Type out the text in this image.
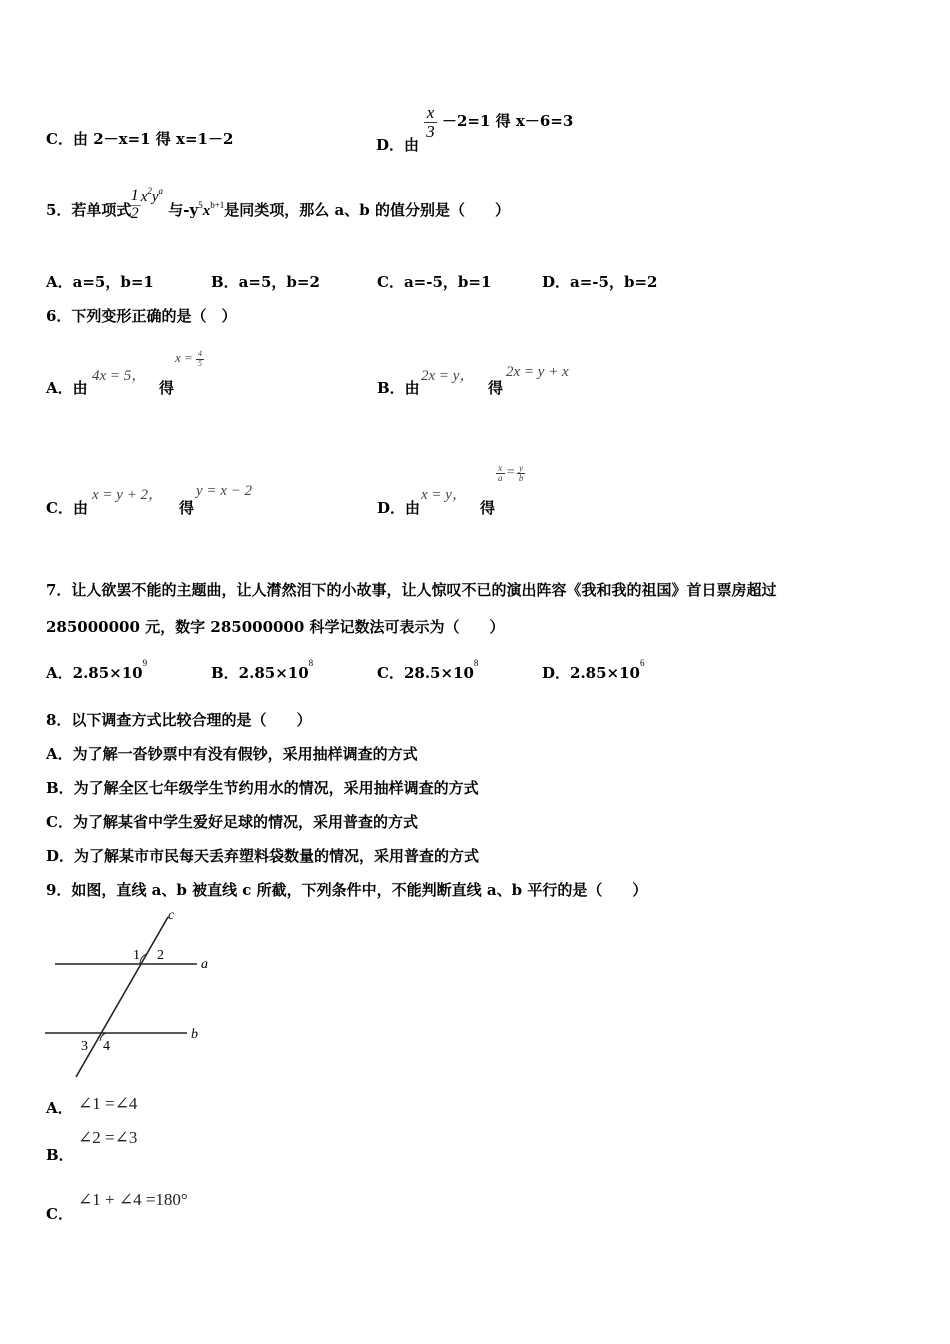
C．由 2－x=1 得 x=1－2	D．由
$\frac{x}{3} -2=1$ 得 x－6=3
5．若单项式
$\frac{1}{2} x^2y^a$ 与$-y^5x^{b+1}$是同类项，那么 a、b 的值分别是（　　）
A．a=5，b=1	B．a=5，b=2	C．a=-5，b=1	D．a=-5，b=2
6．下列变形正确的是（　）
A．由
4x = 5，
得
$x = \frac{4}{5}$
B．由
2x = y，
得
2x = y + x
C．由
x = y + 2，
得
y = x − 2
D．由
x = y，
得
$\frac{x}{a} = \frac{y}{b}$
7．让人欲罢不能的主题曲，让人潸然泪下的小故事，让人惊叹不已的演出阵容《我和我的祖国》首日票房超过
285000000 元，数字 285000000 科学记数法可表示为（　　）
A．$2.85\times 10^9$
B．$2.85\times 10^8$
C．$28.5\times 10^8$
D．$2.85\times 10^6$
8．以下调查方式比较合理的是（　　）
A．为了解一沓钞票中有没有假钞，采用抽样调查的方式
B．为了解全区七年级学生节约用水的情况，采用抽样调查的方式
C．为了解某省中学生爱好足球的情况，采用普查的方式
D．为了解某市市民每天丢弃塑料袋数量的情况，采用普查的方式
9．如图，直线 a、b 被直线 c 所截，下列条件中，不能判断直线 a、b 平行的是（　　）
c
a
b
1 2
3 4
A． ∠1 =∠4
B．
∠2 =∠3
C．
∠1 + ∠4 =180°
